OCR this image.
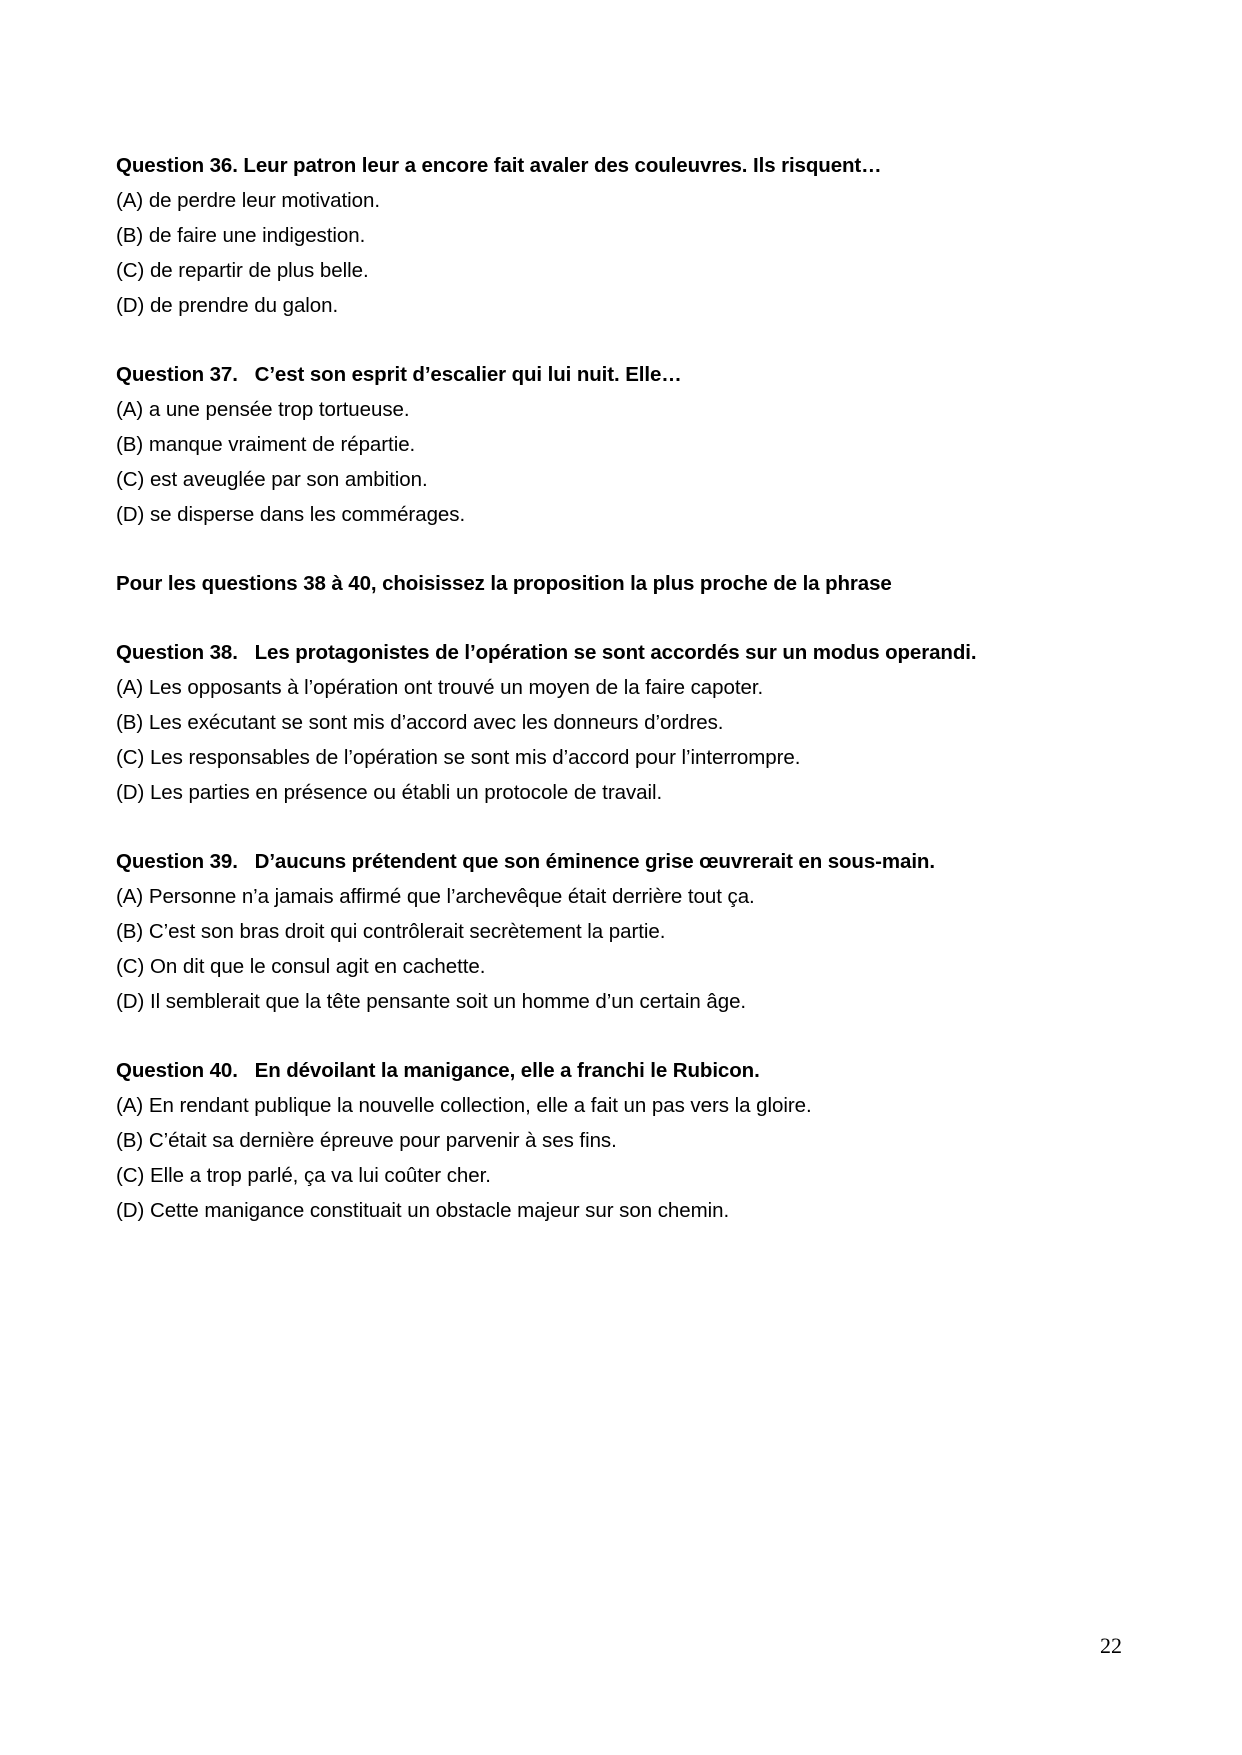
Question 36. Leur patron leur a encore fait avaler des couleuvres. Ils risquent…
(A) de perdre leur motivation.
(B) de faire une indigestion.
(C) de repartir de plus belle.
(D) de prendre du galon.
Question 37.   C’est son esprit d’escalier qui lui nuit. Elle…
(A) a une pensée trop tortueuse.
(B) manque vraiment de répartie.
(C) est aveuglée par son ambition.
(D) se disperse dans les commérages.
Pour les questions 38 à 40, choisissez la proposition la plus proche de la phrase
Question 38.   Les protagonistes de l’opération se sont accordés sur un modus operandi.
(A) Les opposants à l’opération ont trouvé un moyen de la faire capoter.
(B) Les exécutant se sont mis d’accord avec les donneurs d’ordres.
(C) Les responsables de l’opération se sont mis d’accord pour l’interrompre.
(D) Les parties en présence ou établi un protocole de travail.
Question 39.   D’aucuns prétendent que son éminence grise œuvrerait en sous-main.
(A) Personne n’a jamais affirmé que l’archevêque était derrière tout ça.
(B) C’est son bras droit qui contrôlerait secrètement la partie.
(C) On dit que le consul agit en cachette.
(D) Il semblerait que la tête pensante soit un homme d’un certain âge.
Question 40.   En dévoilant la manigance, elle a franchi le Rubicon.
(A) En rendant publique la nouvelle collection, elle a fait un pas vers la gloire.
(B) C’était sa dernière épreuve pour parvenir à ses fins.
(C) Elle a trop parlé, ça va lui coûter cher.
(D) Cette manigance constituait un obstacle majeur sur son chemin.
22
